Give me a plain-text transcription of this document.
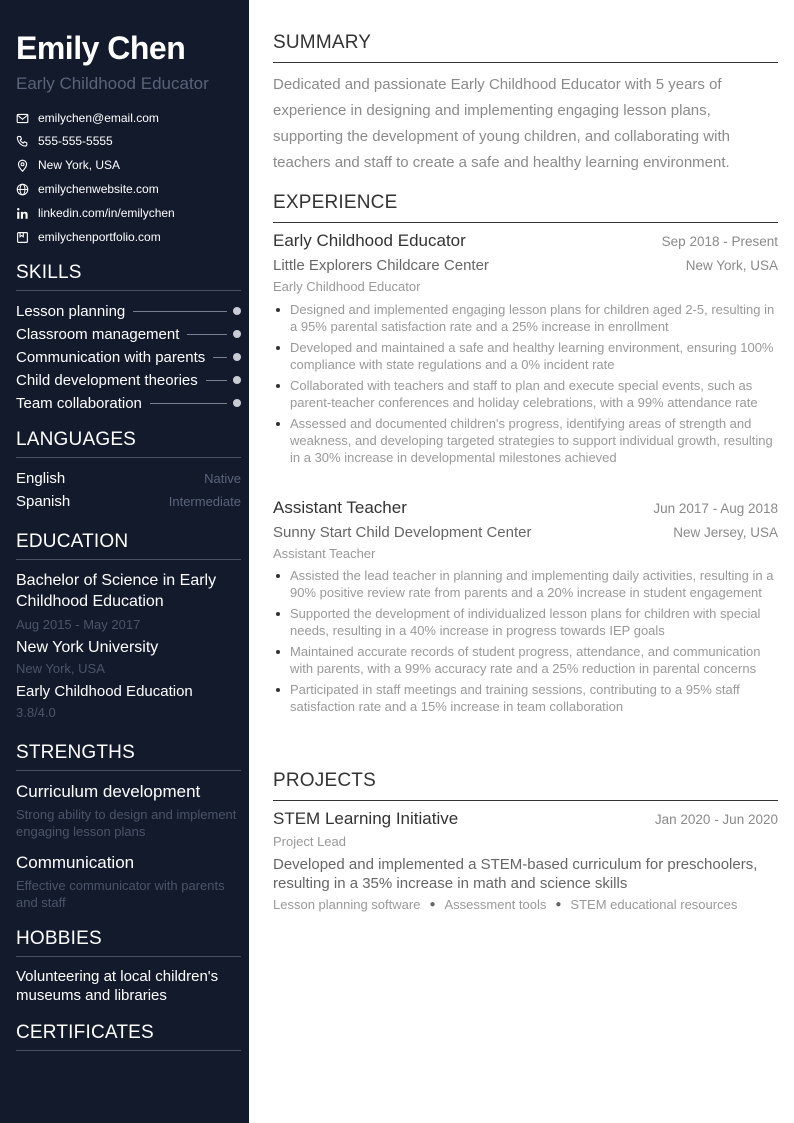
Emily Chen
Early Childhood Educator
emilychen@email.com
555-555-5555
New York, USA
emilychenwebsite.com
linkedin.com/in/emilychen
emilychenportfolio.com
SKILLS
Lesson planning
Classroom management
Communication with parents
Child development theories
Team collaboration
LANGUAGES
English	Native
Spanish	Intermediate
EDUCATION
Bachelor of Science in Early Childhood Education
Aug 2015 - May 2017
New York University
New York, USA
Early Childhood Education
3.8/4.0
STRENGTHS
Curriculum development
Strong ability to design and implement engaging lesson plans
Communication
Effective communicator with parents and staff
HOBBIES
Volunteering at local children's museums and libraries
CERTIFICATES
SUMMARY
Dedicated and passionate Early Childhood Educator with 5 years of experience in designing and implementing engaging lesson plans, supporting the development of young children, and collaborating with teachers and staff to create a safe and healthy learning environment.
EXPERIENCE
Early Childhood Educator	Sep 2018 - Present
Little Explorers Childcare Center	New York, USA
Early Childhood Educator
Designed and implemented engaging lesson plans for children aged 2-5, resulting in a 95% parental satisfaction rate and a 25% increase in enrollment
Developed and maintained a safe and healthy learning environment, ensuring 100% compliance with state regulations and a 0% incident rate
Collaborated with teachers and staff to plan and execute special events, such as parent-teacher conferences and holiday celebrations, with a 99% attendance rate
Assessed and documented children's progress, identifying areas of strength and weakness, and developing targeted strategies to support individual growth, resulting in a 30% increase in developmental milestones achieved
Assistant Teacher	Jun 2017 - Aug 2018
Sunny Start Child Development Center	New Jersey, USA
Assistant Teacher
Assisted the lead teacher in planning and implementing daily activities, resulting in a 90% positive review rate from parents and a 20% increase in student engagement
Supported the development of individualized lesson plans for children with special needs, resulting in a 40% increase in progress towards IEP goals
Maintained accurate records of student progress, attendance, and communication with parents, with a 99% accuracy rate and a 25% reduction in parental concerns
Participated in staff meetings and training sessions, contributing to a 95% staff satisfaction rate and a 15% increase in team collaboration
PROJECTS
STEM Learning Initiative	Jan 2020 - Jun 2020
Project Lead
Developed and implemented a STEM-based curriculum for preschoolers, resulting in a 35% increase in math and science skills
Lesson planning software ● Assessment tools ● STEM educational resources
